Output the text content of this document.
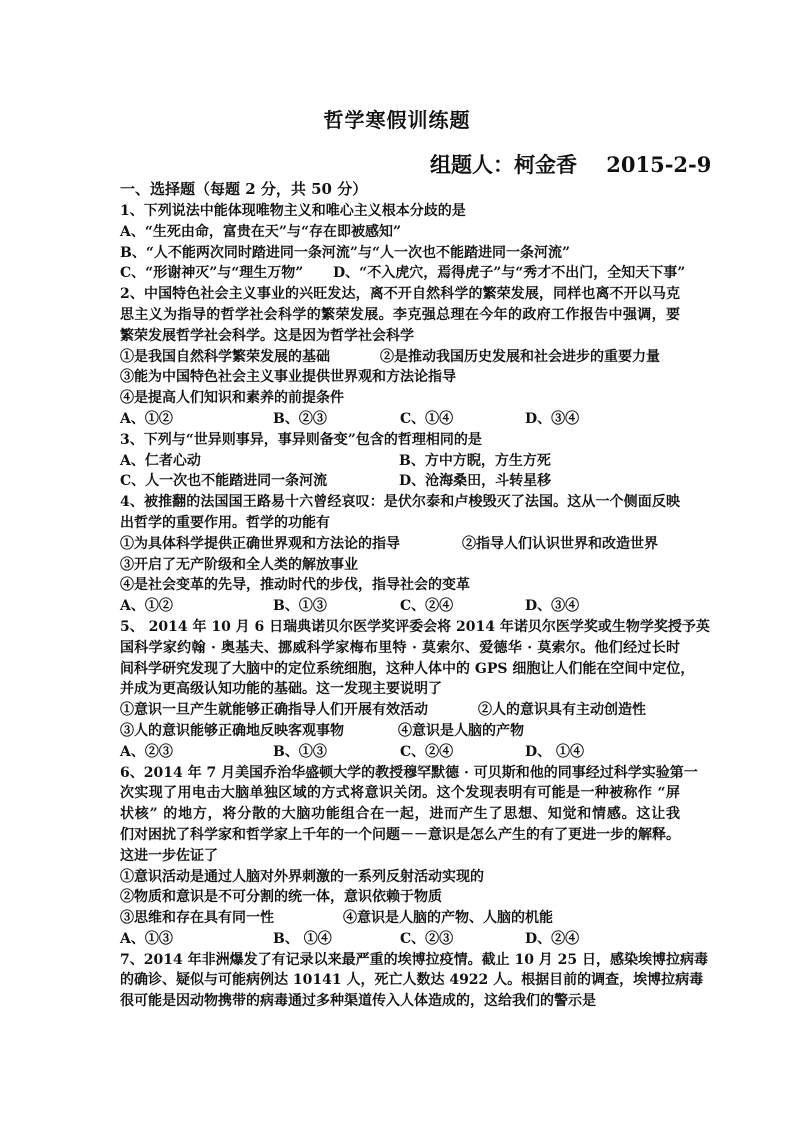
哲学寒假训练题
组题人：柯金香    2015-2-9
一、选择题（每题 2 分，共 50 分）
1、下列说法中能体现唯物主义和唯心主义根本分歧的是
A、“生死由命，富贵在天”与“存在即被感知”
B、“人不能两次同时踏进同一条河流”与“人一次也不能踏进同一条河流”
C、“形谢神灭”与“理生万物” D、“不入虎穴，焉得虎子”与“秀才不出门，全知天下事”
2、中国特色社会主义事业的兴旺发达，离不开自然科学的繁荣发展，同样也离不开以马克
思主义为指导的哲学社会科学的繁荣发展。李克强总理在今年的政府工作报告中强调，要
繁荣发展哲学社会科学。这是因为哲学社会科学
①是我国自然科学繁荣发展的基础	②是推动我国历史发展和社会进步的重要力量
③能为中国特色社会主义事业提供世界观和方法论指导
④是提高人们知识和素养的前提条件
A、①②	B、②③	C、①④	D、③④
3、下列与“世异则事异，事异则备变”包含的哲理相同的是
A、仁者心动	B、方中方睨，方生方死
C、人一次也不能踏进同一条河流	D、沧海桑田，斗转星移
4、被推翻的法国国王路易十六曾经哀叹：是伏尔泰和卢梭毁灭了法国。这从一个侧面反映
出哲学的重要作用。哲学的功能有
①为具体科学提供正确世界观和方法论的指导	②指导人们认识世界和改造世界
③开启了无产阶级和全人类的解放事业
④是社会变革的先导，推动时代的步伐，指导社会的变革
A、①②	B、①③	C、②④	D、③④
5、 2014 年 10 月 6 日瑞典诺贝尔医学奖评委会将 2014 年诺贝尔医学奖或生物学奖授予英
国科学家约翰 · 奥基夫、挪威科学家梅布里特 · 莫索尔、爱德华 · 莫索尔。他们经过长时
间科学研究发现了大脑中的定位系统细胞，这种人体中的 GPS 细胞让人们能在空间中定位，
并成为更高级认知功能的基础。这一发现主要说明了
①意识一旦产生就能够正确指导人们开展有效活动	②人的意识具有主动创造性
③人的意识能够正确地反映客观事物	④意识是人脑的产物
A、②③	B、①③	C、②④	D、 ①④
6、2014 年 7 月美国乔治华盛顿大学的教授穆罕默德 · 可贝斯和他的同事经过科学实验第一
次实现了用电击大脑单独区域的方式将意识关闭。这个发现表明有可能是一种被称作 “屏
状核” 的地方，将分散的大脑功能组合在一起，进而产生了思想、知觉和情感。这让我
们对困扰了科学家和哲学家上千年的一个问题－－意识是怎么产生的有了更进一步的解释。
这进一步佐证了
①意识活动是通过人脑对外界刺激的一系列反射活动实现的
②物质和意识是不可分割的统一体，意识依赖于物质
③思维和存在具有同一性	④意识是人脑的产物、人脑的机能
A、①③	B、 ①④	C、②③	D、②④
7、2014 年非洲爆发了有记录以来最严重的埃博拉疫情。截止 10 月 25 日，感染埃博拉病毒
的确诊、疑似与可能病例达 10141 人，死亡人数达 4922 人。根据目前的调查，埃博拉病毒
很可能是因动物携带的病毒通过多种渠道传入人体造成的，这给我们的警示是
